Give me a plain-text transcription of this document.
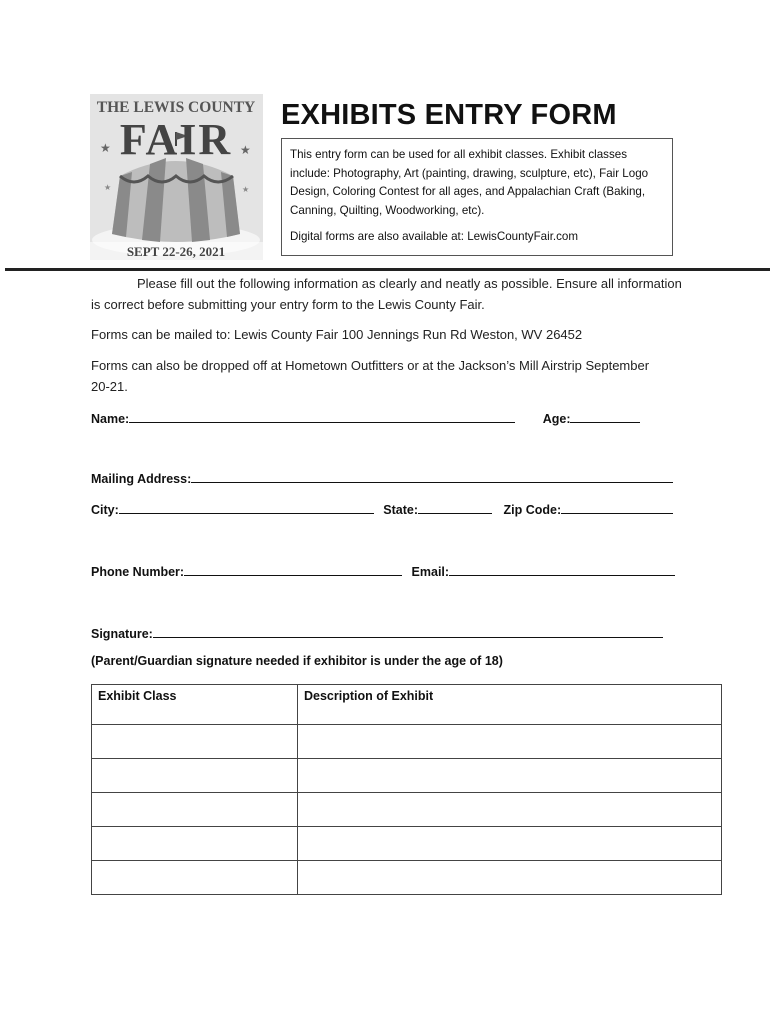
★	★
★	★
THE LEWIS COUNTY
FAIR
SEPT 22-26, 2021
EXHIBITS ENTRY FORM

This entry form can be used for all exhibit classes. Exhibit classes include: Photography, Art (painting, drawing, sculpture, etc), Fair Logo Design, Coloring Contest for all ages, and Appalachian Craft (Baking, Canning, Quilting, Woodworking, etc).

Digital forms are also available at: LewisCountyFair.com

Please fill out the following information as clearly and neatly as possible. Ensure all information is correct before submitting your entry form to the Lewis County Fair.

Forms can be mailed to: Lewis County Fair 100 Jennings Run Rd Weston, WV 26452

Forms can also be dropped off at Hometown Outfitters or at the Jackson’s Mill Airstrip September 20-21.

Name:	Age:
Mailing Address:
City:	State:	Zip Code:
Phone Number:	Email:
Signature:
(Parent/Guardian signature needed if exhibitor is under the age of 18)
Exhibit Class	Description of Exhibit
